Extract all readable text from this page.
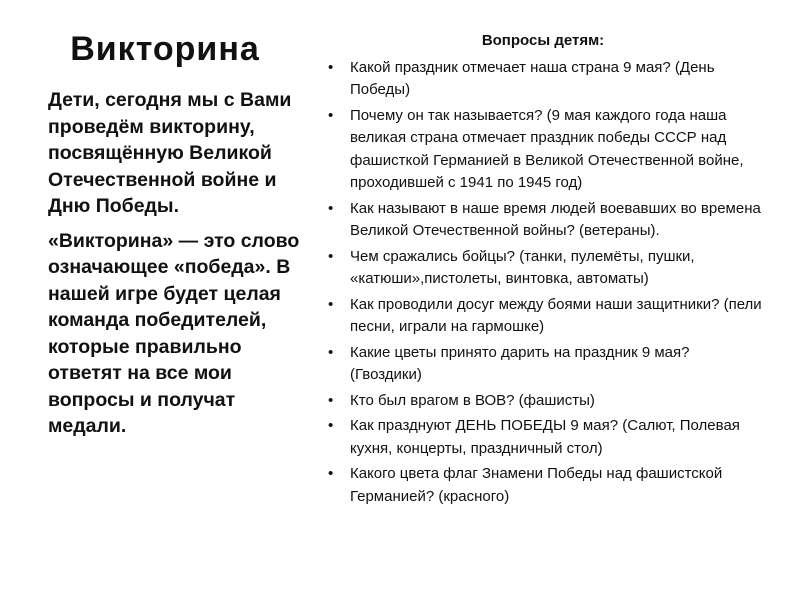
Викторина

Дети, сегодня мы с Вами проведём викторину, посвящённую Великой Отечественной войне и Дню Победы.

«Викторина» — это слово означающее «победа». В нашей игре будет целая команда победителей, которые правильно ответят на все мои вопросы и получат медали.

Вопросы детям:
• Какой праздник отмечает наша страна 9 мая? (День Победы)
• Почему он так называется? (9 мая каждого года наша великая страна отмечает праздник победы СССР над фашисткой Германией в Великой Отечественной войне, проходившей с 1941 по 1945 год)
• Как называют в наше время людей воевавших во времена Великой Отечественной войны? (ветераны).
• Чем сражались бойцы? (танки, пулемёты, пушки, «катюши»,пистолеты, винтовка, автоматы)
• Как проводили досуг между боями наши защитники? (пели песни, играли на гармошке)
• Какие цветы принято дарить на праздник 9 мая? (Гвоздики)
• Кто был врагом в ВОВ? (фашисты)
• Как празднуют ДЕНЬ ПОБЕДЫ 9 мая? (Салют, Полевая кухня, концерты, праздничный стол)
• Какого цвета флаг Знамени Победы над фашистской Германией? (красного)
